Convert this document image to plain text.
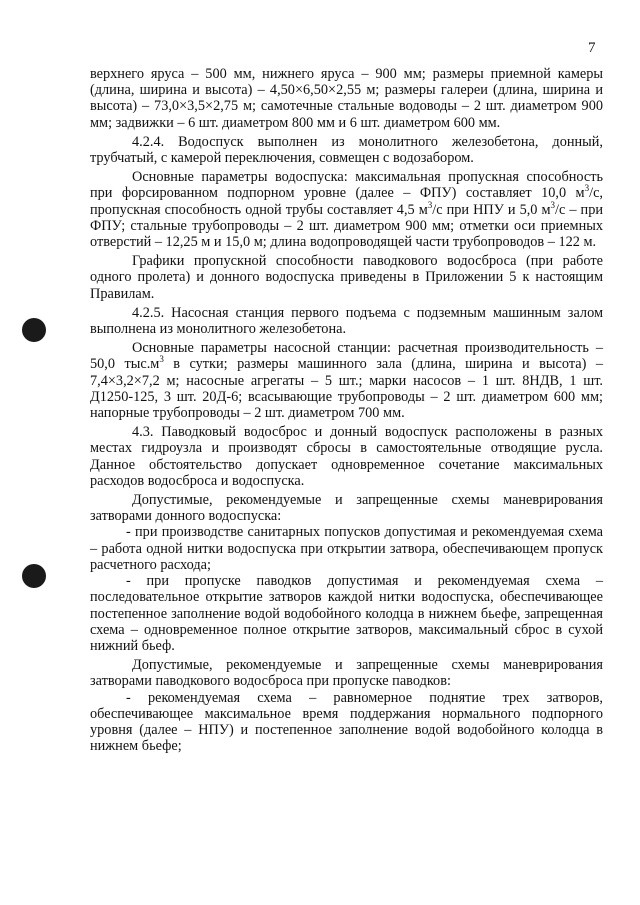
7

верхнего яруса – 500 мм, нижнего яруса – 900 мм; размеры приемной камеры (длина, ширина и высота) – 4,50×6,50×2,55 м; размеры галереи (длина, ширина и высота) – 73,0×3,5×2,75 м; самотечные стальные водоводы – 2 шт. диаметром 900 мм; задвижки – 6 шт. диаметром 800 мм и 6 шт. диаметром 600 мм.

4.2.4. Водоспуск выполнен из монолитного железобетона, донный, трубчатый, с камерой переключения, совмещен с водозабором.

Основные параметры водоспуска: максимальная пропускная способность при форсированном подпорном уровне (далее – ФПУ) составляет 10,0 $м^3/с$, пропускная способность одной трубы составляет 4,5 $м^3/с$ при НПУ и 5,0 $м^3/с$ – при ФПУ; стальные трубопроводы – 2 шт. диаметром 900 мм; отметки оси приемных отверстий – 12,25 м и 15,0 м; длина водопроводящей части трубопроводов – 122 м.

Графики пропускной способности паводкового водосброса (при работе одного пролета) и донного водоспуска приведены в Приложении 5 к настоящим Правилам.

4.2.5. Насосная станция первого подъема с подземным машинным залом выполнена из монолитного железобетона.

Основные параметры насосной станции: расчетная производительность – 50,0 $тыс.м^3$ в сутки; размеры машинного зала (длина, ширина и высота) – 7,4×3,2×7,2 м; насосные агрегаты – 5 шт.; марки насосов – 1 шт. 8НДВ, 1 шт. Д1250-125, 3 шт. 20Д-6; всасывающие трубопроводы – 2 шт. диаметром 600 мм; напорные трубопроводы – 2 шт. диаметром 700 мм.

4.3. Паводковый водосброс и донный водоспуск расположены в разных местах гидроузла и производят сбросы в самостоятельные отводящие русла. Данное обстоятельство допускает одновременное сочетание максимальных расходов водосброса и водоспуска.

Допустимые, рекомендуемые и запрещенные схемы маневрирования затворами донного водоспуска:

- при производстве санитарных попусков допустимая и рекомендуемая схема – работа одной нитки водоспуска при открытии затвора, обеспечивающем пропуск расчетного расхода;

- при пропуске паводков допустимая и рекомендуемая схема – последовательное открытие затворов каждой нитки водоспуска, обеспечивающее постепенное заполнение водой водобойного колодца в нижнем бьефе, запрещенная схема – одновременное полное открытие затворов, максимальный сброс в сухой нижний бьеф.

Допустимые, рекомендуемые и запрещенные схемы маневрирования затворами паводкового водосброса при пропуске паводков:

- рекомендуемая схема – равномерное поднятие трех затворов, обеспечивающее максимальное время поддержания нормального подпорного уровня (далее – НПУ) и постепенное заполнение водой водобойного колодца в нижнем бьефе;
